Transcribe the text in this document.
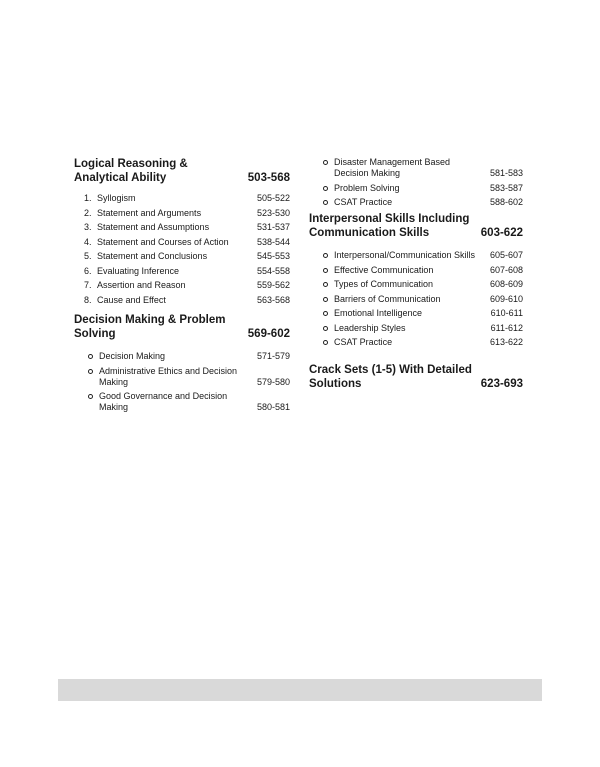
Logical Reasoning & Analytical Ability	503-568
1. Syllogism	505-522
2. Statement and Arguments	523-530
3. Statement and Assumptions	531-537
4. Statement and Courses of Action	538-544
5. Statement and Conclusions	545-553
6. Evaluating Inference	554-558
7. Assertion and Reason	559-562
8. Cause and Effect	563-568
Decision Making & Problem Solving	569-602
Decision Making	571-579
Administrative Ethics and Decision Making	579-580
Good Governance and Decision Making	580-581
Disaster Management Based Decision Making	581-583
Problem Solving	583-587
CSAT Practice	588-602
Interpersonal Skills Including Communication Skills	603-622
Interpersonal/Communication Skills	605-607
Effective Communication	607-608
Types of Communication	608-609
Barriers of Communication	609-610
Emotional Intelligence	610-611
Leadership Styles	611-612
CSAT Practice	613-622
Crack Sets (1-5) With Detailed Solutions	623-693
